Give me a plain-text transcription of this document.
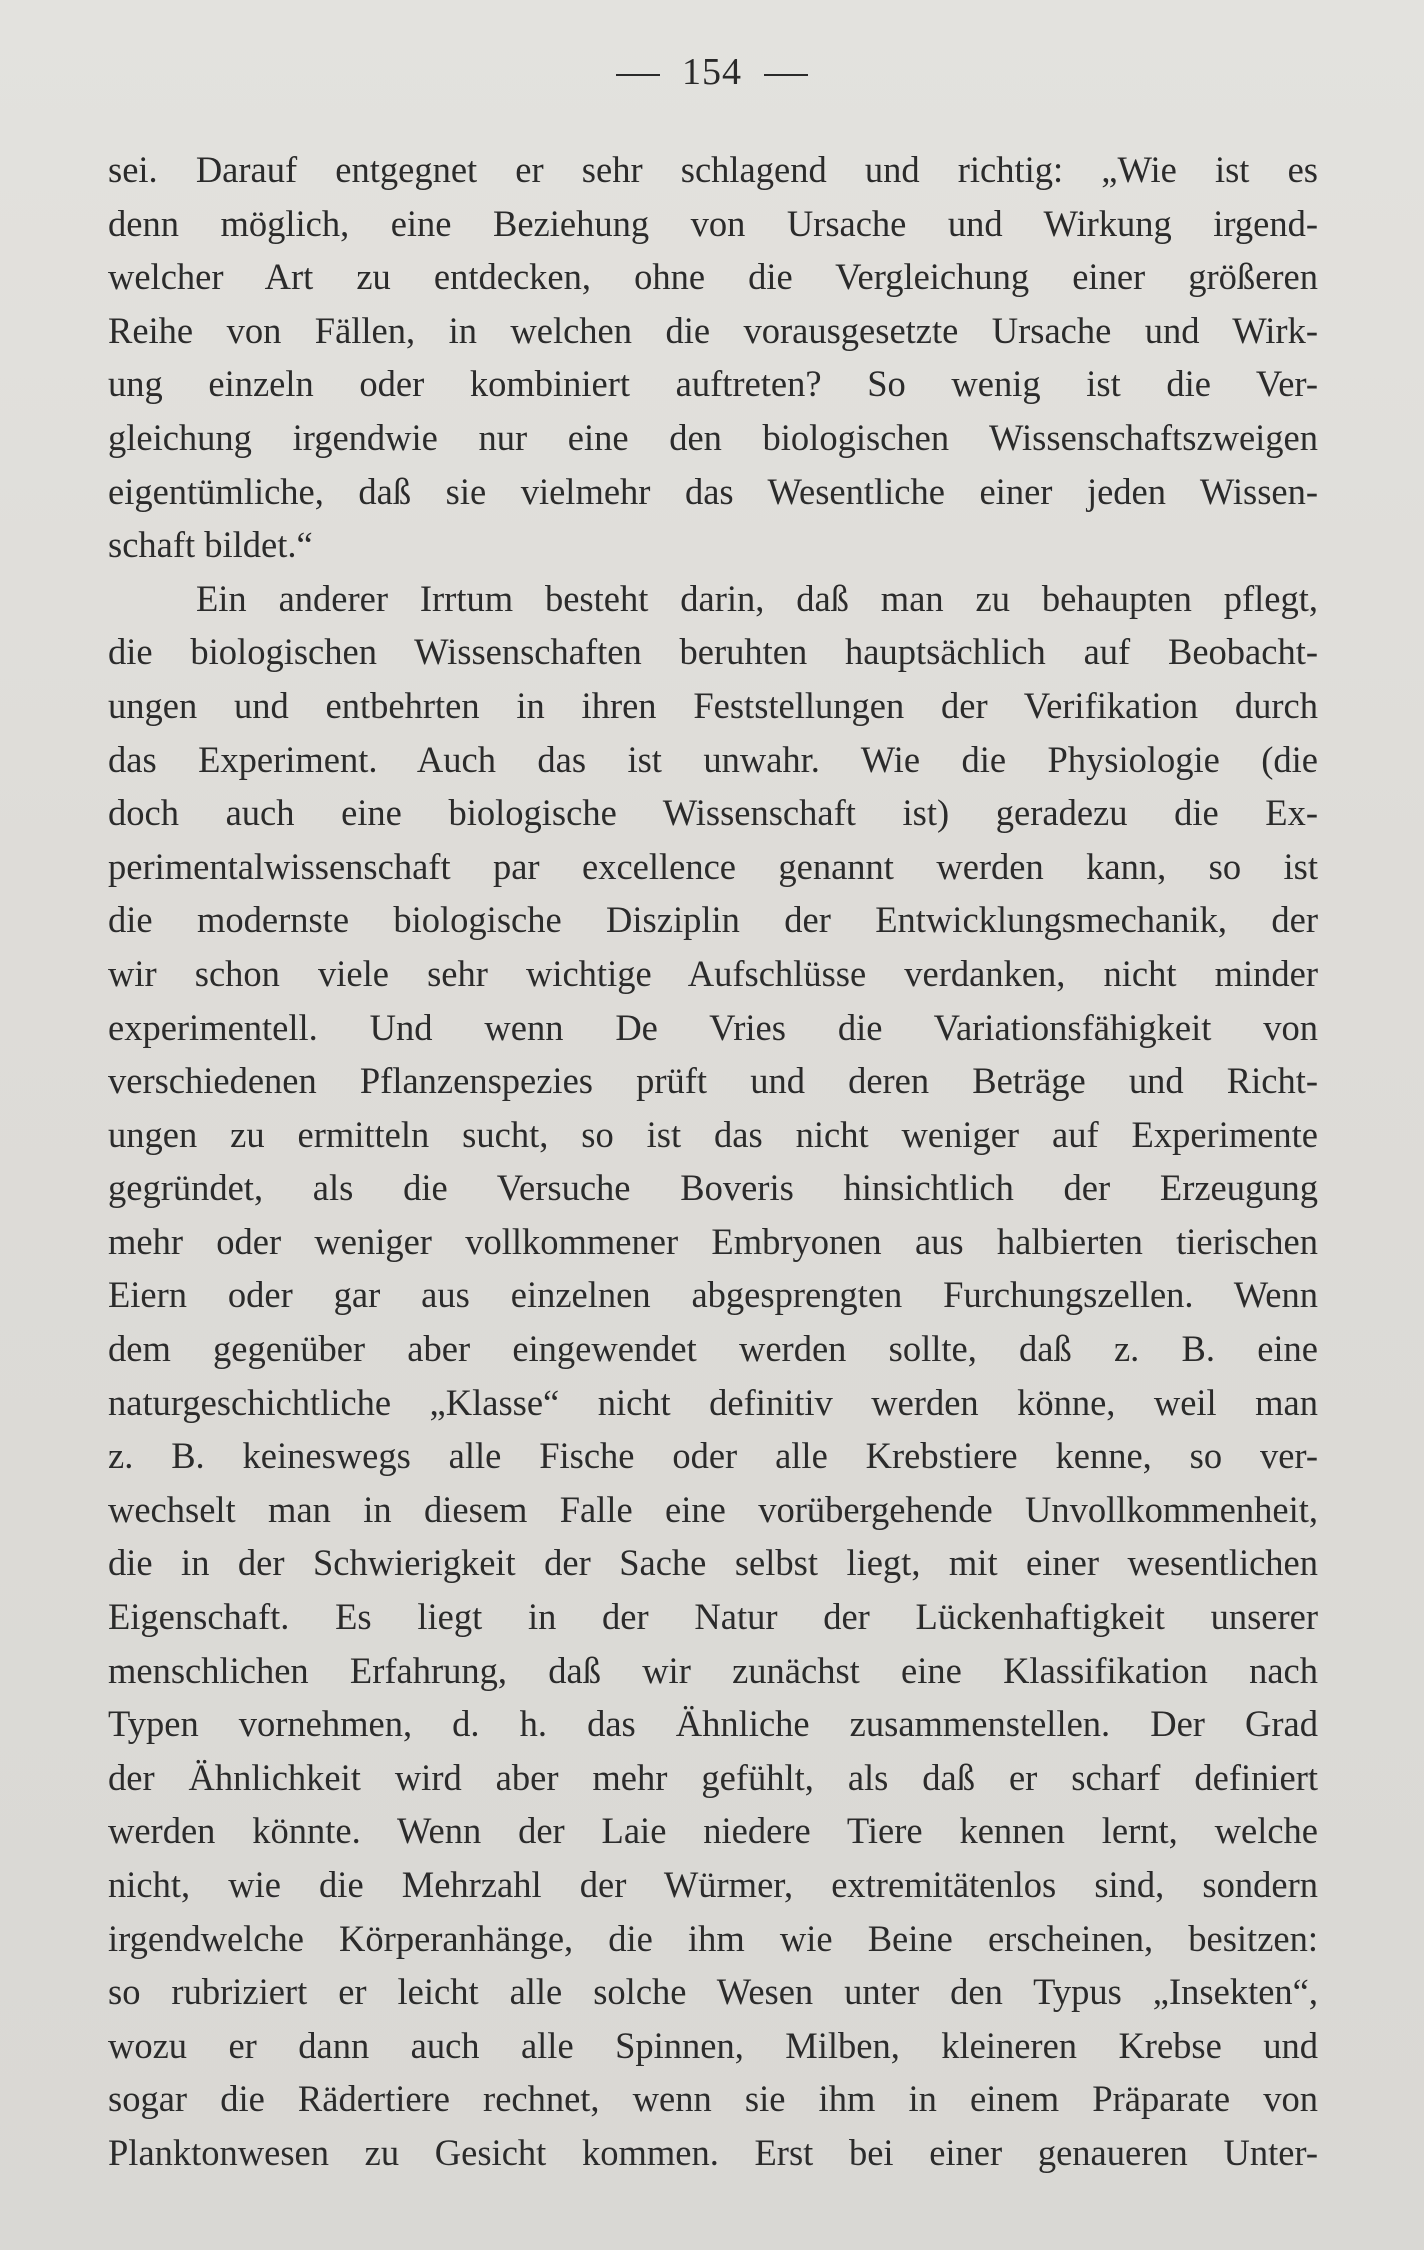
154
sei. Darauf entgegnet er sehr schlagend und richtig: „Wie ist es
denn möglich, eine Beziehung von Ursache und Wirkung irgend-
welcher Art zu entdecken, ohne die Vergleichung einer größeren
Reihe von Fällen, in welchen die vorausgesetzte Ursache und Wirk-
ung einzeln oder kombiniert auftreten? So wenig ist die Ver-
gleichung irgendwie nur eine den biologischen Wissenschaftszweigen
eigentümliche, daß sie vielmehr das Wesentliche einer jeden Wissen-
schaft bildet.“
Ein anderer Irrtum besteht darin, daß man zu behaupten pflegt,
die biologischen Wissenschaften beruhten hauptsächlich auf Beobacht-
ungen und entbehrten in ihren Feststellungen der Verifikation durch
das Experiment. Auch das ist unwahr. Wie die Physiologie (die
doch auch eine biologische Wissenschaft ist) geradezu die Ex-
perimentalwissenschaft par excellence genannt werden kann, so ist
die modernste biologische Disziplin der Entwicklungsmechanik, der
wir schon viele sehr wichtige Aufschlüsse verdanken, nicht minder
experimentell. Und wenn De Vries die Variationsfähigkeit von
verschiedenen Pflanzenspezies prüft und deren Beträge und Richt-
ungen zu ermitteln sucht, so ist das nicht weniger auf Experimente
gegründet, als die Versuche Boveris hinsichtlich der Erzeugung
mehr oder weniger vollkommener Embryonen aus halbierten tierischen
Eiern oder gar aus einzelnen abgesprengten Furchungszellen. Wenn
dem gegenüber aber eingewendet werden sollte, daß z. B. eine
naturgeschichtliche „Klasse“ nicht definitiv werden könne, weil man
z. B. keineswegs alle Fische oder alle Krebstiere kenne, so ver-
wechselt man in diesem Falle eine vorübergehende Unvollkommenheit,
die in der Schwierigkeit der Sache selbst liegt, mit einer wesentlichen
Eigenschaft. Es liegt in der Natur der Lückenhaftigkeit unserer
menschlichen Erfahrung, daß wir zunächst eine Klassifikation nach
Typen vornehmen, d. h. das Ähnliche zusammenstellen. Der Grad
der Ähnlichkeit wird aber mehr gefühlt, als daß er scharf definiert
werden könnte. Wenn der Laie niedere Tiere kennen lernt, welche
nicht, wie die Mehrzahl der Würmer, extremitätenlos sind, sondern
irgendwelche Körperanhänge, die ihm wie Beine erscheinen, besitzen:
so rubriziert er leicht alle solche Wesen unter den Typus „Insekten“,
wozu er dann auch alle Spinnen, Milben, kleineren Krebse und
sogar die Rädertiere rechnet, wenn sie ihm in einem Präparate von
Planktonwesen zu Gesicht kommen. Erst bei einer genaueren Unter-
